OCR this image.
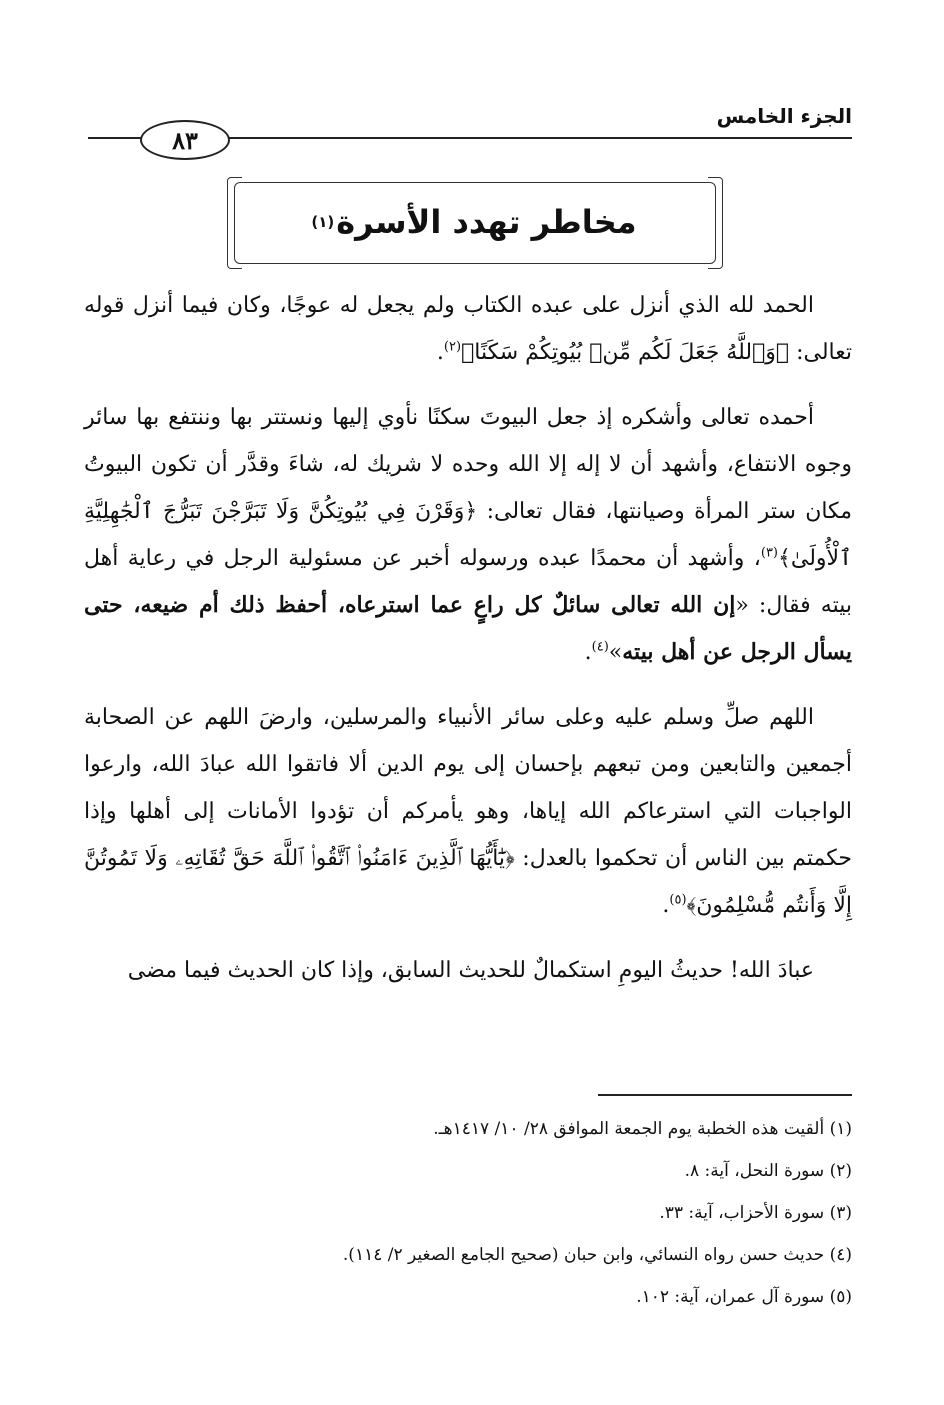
الجزء الخامس
٨٣
مخاطر تهدد الأسرة
(١)

الحمد لله الذي أنزل على عبده الكتاب ولم يجعل له عوجًا، وكان فيما أنزل قوله تعالى: ﴿وَٱللَّهُ جَعَلَ لَكُم مِّنۢ بُيُوتِكُمْ سَكَنًا﴾$^{(٢)}$.

أحمده تعالى وأشكره إذ جعل البيوتَ سكنًا نأوي إليها ونستتر بها وننتفع بها سائر وجوه الانتفاع، وأشهد أن لا إله إلا الله وحده لا شريك له، شاءَ وقدَّر أن تكون البيوتُ مكان ستر المرأة وصيانتها، فقال تعالى: ﴿وَقَرْنَ فِي بُيُوتِكُنَّ وَلَا تَبَرَّجْنَ تَبَرُّجَ ٱلْجَٰهِلِيَّةِ ٱلْأُولَىٰ﴾$^{(٣)}$، وأشهد أن محمدًا عبده ورسوله أخبر عن مسئولية الرجل في رعاية أهل بيته فقال: «إن الله تعالى سائلٌ كل راعٍ عما استرعاه، أحفظ ذلك أم ضيعه، حتى يسأل الرجل عن أهل بيته»$^{(٤)}$.

اللهم صلِّ وسلم عليه وعلى سائر الأنبياء والمرسلين، وارضَ اللهم عن الصحابة أجمعين والتابعين ومن تبعهم بإحسان إلى يوم الدين ألا فاتقوا الله عبادَ الله، وارعوا الواجبات التي استرعاكم الله إياها، وهو يأمركم أن تؤدوا الأمانات إلى أهلها وإذا حكمتم بين الناس أن تحكموا بالعدل: ﴿يَٰٓأَيُّهَا ٱلَّذِينَ ءَامَنُوا۟ ٱتَّقُوا۟ ٱللَّهَ حَقَّ تُقَاتِهِۦ وَلَا تَمُوتُنَّ إِلَّا وَأَنتُم مُّسْلِمُونَ﴾$^{(٥)}$.

عبادَ الله! حديثُ اليومِ استكمالٌ للحديث السابق، وإذا كان الحديث فيما مضى

(١) ألقيت هذه الخطبة يوم الجمعة الموافق ٢٨/ ١٠/ ١٤١٧هـ.
(٢) سورة النحل، آية: ٨.
(٣) سورة الأحزاب، آية: ٣٣.
(٤) حديث حسن رواه النسائي، وابن حبان (صحيح الجامع الصغير ٢/ ١١٤).
(٥) سورة آل عمران، آية: ١٠٢.
